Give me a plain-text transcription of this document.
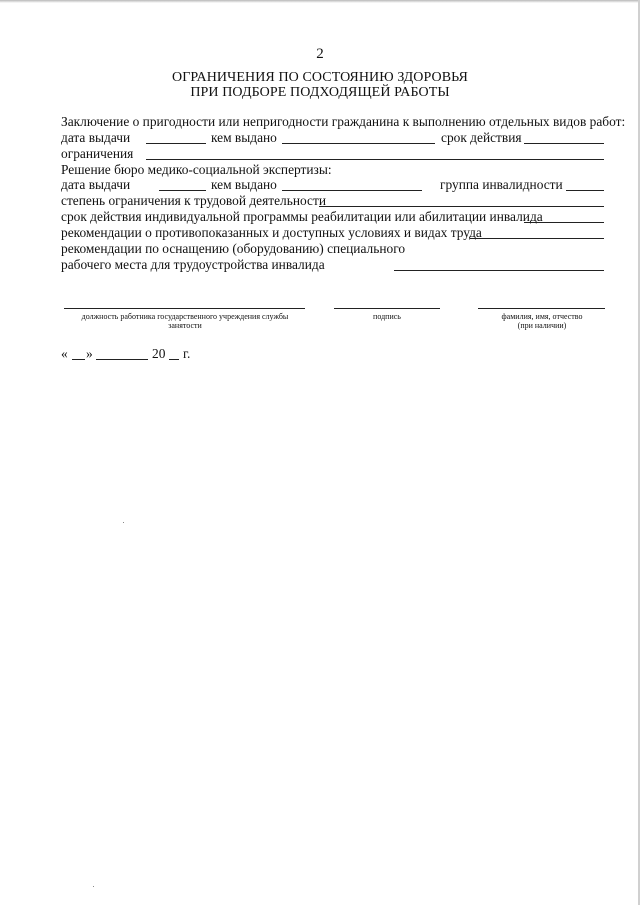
2
ОГРАНИЧЕНИЯ ПО СОСТОЯНИЮ ЗДОРОВЬЯ
ПРИ ПОДБОРЕ ПОДХОДЯЩЕЙ РАБОТЫ
Заключение о пригодности или непригодности гражданина к выполнению отдельных видов работ:
дата выдачи	кем выдано	срок действия
ограничения
Решение бюро медико-социальной экспертизы:
дата выдачи	кем выдано	группа инвалидности
степень ограничения к трудовой деятельности
срок действия индивидуальной программы реабилитации или абилитации инвалида
рекомендации о противопоказанных и доступных условиях и видах труда
рекомендации по оснащению (оборудованию) специального
рабочего места для трудоустройства инвалида
должность работника государственного учреждения службы
занятости
подпись	фамилия, имя, отчество
(при наличии)
« »	20 г.
